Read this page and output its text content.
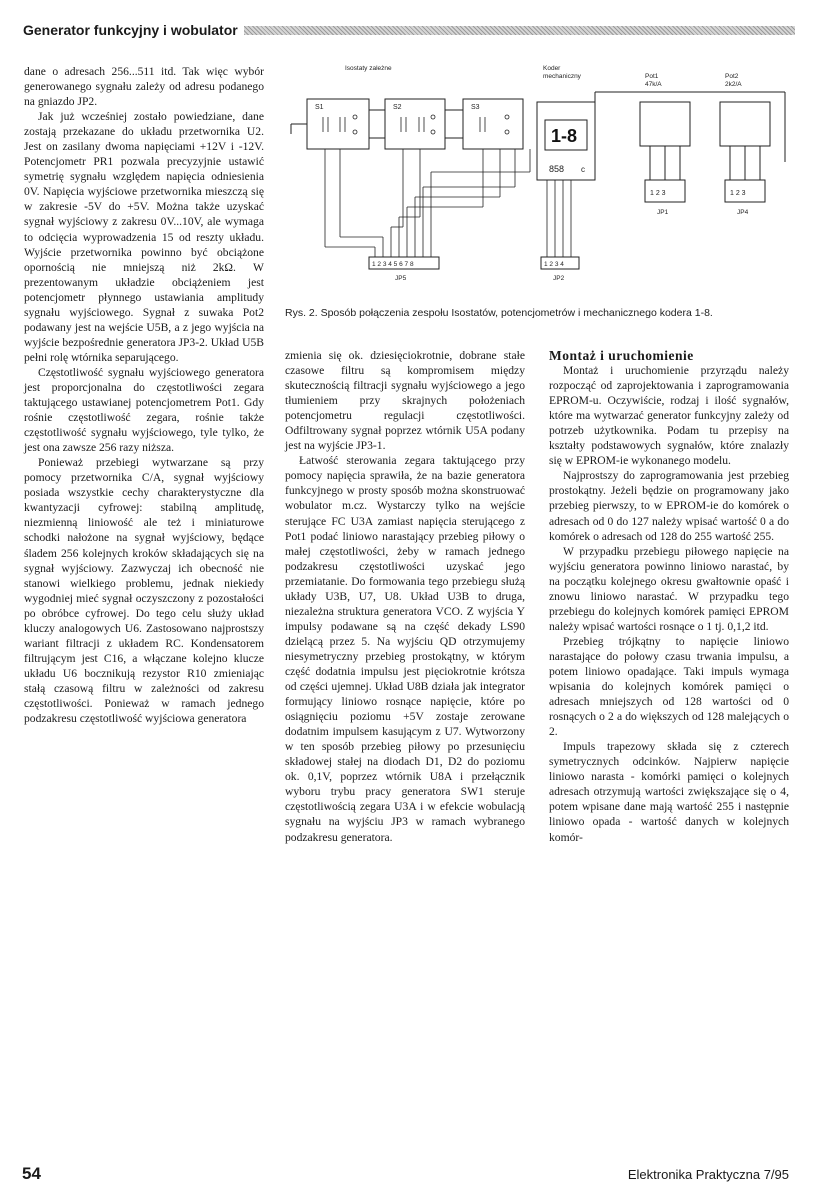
Generator funkcyjny i wobulator

dane o adresach 256...511 itd. Tak więc wybór generowanego sygnału zależy od adresu podanego na gniazdo JP2.

Jak już wcześniej zostało powiedziane, dane zostają przekazane do układu przetwornika U2. Jest on zasilany dwoma napięciami +12V i -12V. Potencjometr PR1 pozwala precyzyjnie ustawić symetrię sygnału względem napięcia odniesienia 0V. Napięcia wyjściowe przetwornika mieszczą się w zakresie -5V do +5V. Można także uzyskać sygnał wyjściowy z zakresu 0V...10V, ale wymaga to odcięcia wyprowadzenia 15 od reszty układu. Wyjście przetwornika powinno być obciążone opornością nie mniejszą niż 2kΩ. W prezentowanym układzie obciążeniem jest potencjometr płynnego ustawiania amplitudy sygnału wyjściowego. Sygnał z suwaka Pot2 podawany jest na wejście U5B, a z jego wyjścia na wyjście bezpośrednie generatora JP3-2. Układ U5B pełni rolę wtórnika separującego.

Częstotliwość sygnału wyjściowego generatora jest proporcjonalna do częstotliwości zegara taktującego ustawianej potencjometrem Pot1. Gdy rośnie częstotliwość zegara, rośnie także częstotliwość sygnału wyjściowego, tyle tylko, że jest ona zawsze 256 razy niższa.

Ponieważ przebiegi wytwarzane są przy pomocy przetwornika C/A, sygnał wyjściowy posiada wszystkie cechy charakterystyczne dla kwantyzacji cyfrowej: stabilną amplitudę, niezmienną liniowość ale też i miniaturowe schodki nałożone na sygnał wyjściowy, będące śladem 256 kolejnych kroków składających się na sygnał wyjściowy. Zazwyczaj ich obecność nie stanowi wielkiego problemu, jednak niekiedy wygodniej mieć sygnał oczyszczony z pozostałości po obróbce cyfrowej. Do tego celu służy układ kluczy analogowych U6. Zastosowano najprostszy wariant filtracji z układem RC. Kondensatorem filtrującym jest C16, a włączane kolejno klucze układu U6 bocznikują rezystor R10 zmieniając stałą czasową filtru w zależności od zakresu częstotliwości. Ponieważ w ramach jednego podzakresu częstotliwość wyjściowa generatora

Isostaty zależne	Koder mechaniczny	Pot1 47k/A
Pot2 2k2/A
S1	S2	S3
1-8
858 c
1 2 3
JP1
1 2 3
JP4
1 2 3 4 5 6 7 8
JP5
1 2 3 4
JP2
Rys. 2. Sposób połączenia zespołu Isostatów, potencjometrów i mechanicznego kodera 1-8.

zmienia się ok. dziesięciokrotnie, dobrane stałe czasowe filtru są kompromisem między skutecznością filtracji sygnału wyjściowego a jego tłumieniem przy skrajnych położeniach potencjometru regulacji częstotliwości. Odfiltrowany sygnał poprzez wtórnik U5A podany jest na wyjście JP3-1.

Łatwość sterowania zegara taktującego przy pomocy napięcia sprawiła, że na bazie generatora funkcyjnego w prosty sposób można skonstruować wobulator m.cz. Wystarczy tylko na wejście sterujące FC U3A zamiast napięcia sterującego z Pot1 podać liniowo narastający przebieg piłowy o małej częstotliwości, żeby w ramach jednego podzakresu częstotliwości uzyskać jego przemiatanie. Do formowania tego przebiegu służą układy U3B, U7, U8. Układ U3B to druga, niezależna struktura generatora VCO. Z wyjścia Y impulsy podawane są na część dekady LS90 dzielącą przez 5. Na wyjściu QD otrzymujemy niesymetryczny przebieg prostokątny, w którym część dodatnia impulsu jest pięciokrotnie krótsza od części ujemnej. Układ U8B działa jak integrator formujący liniowo rosnące napięcie, które po osiągnięciu poziomu +5V zostaje zerowane dodatnim impulsem kasującym z U7. Wytworzony w ten sposób przebieg piłowy po przesunięciu składowej stałej na diodach D1, D2 do poziomu ok. 0,1V, poprzez wtórnik U8A i przełącznik wyboru trybu pracy generatora SW1 steruje częstotliwością zegara U3A i w efekcie wobulacją sygnału na wyjściu JP3 w ramach wybranego podzakresu generatora.

Montaż i uruchomienie

Montaż i uruchomienie przyrządu należy rozpocząć od zaprojektowania i zaprogramowania EPROM-u. Oczywiście, rodzaj i ilość sygnałów, które ma wytwarzać generator funkcyjny zależy od potrzeb użytkownika. Podam tu przepisy na kształty podstawowych sygnałów, które znalazły się w EPROM-ie wykonanego modelu.

Najprostszy do zaprogramowania jest przebieg prostokątny. Jeżeli będzie on programowany jako przebieg pierwszy, to w EPROM-ie do komórek o adresach od 0 do 127 należy wpisać wartość 0 a do komórek o adresach od 128 do 255 wartość 255.

W przypadku przebiegu piłowego napięcie na wyjściu generatora powinno liniowo narastać, by na początku kolejnego okresu gwałtownie opaść i znowu liniowo narastać. W przypadku tego przebiegu do kolejnych komórek pamięci EPROM należy wpisać wartości rosnące o 1 tj. 0,1,2 itd.

Przebieg trójkątny to napięcie liniowo narastające do połowy czasu trwania impulsu, a potem liniowo opadające. Taki impuls wymaga wpisania do kolejnych komórek pamięci o adresach mniejszych od 128 wartości od 0 rosnących o 2 a do większych od 128 malejących o 2.

Impuls trapezowy składa się z czterech symetrycznych odcinków. Najpierw napięcie liniowo narasta - komórki pamięci o kolejnych adresach otrzymują wartości zwiększające się o 4, potem wpisane dane mają wartość 255 i następnie liniowo opada - wartość danych w kolejnych komór-

54	Elektronika Praktyczna 7/95
